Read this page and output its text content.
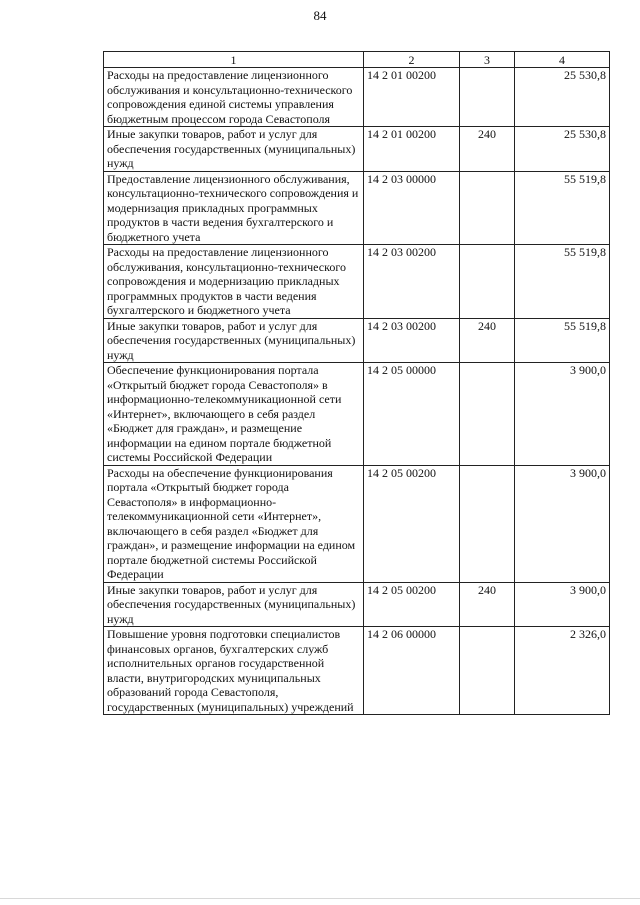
84
1	2	3	4
Расходы на предоставление лицензионного обслуживания и консультационно-технического сопровождения единой системы управления бюджетным процессом города Севастополя	14 2 01 00200		25 530,8
Иные закупки товаров, работ и услуг для обеспечения государственных (муниципальных) нужд	14 2 01 00200	240	25 530,8
Предоставление лицензионного обслуживания, консультационно-технического сопровождения и модернизация прикладных программных продуктов в части ведения бухгалтерского и бюджетного учета	14 2 03 00000		55 519,8
Расходы на предоставление лицензионного обслуживания, консультационно-технического сопровождения и модернизацию прикладных программных продуктов в части ведения бухгалтерского и бюджетного учета	14 2 03 00200		55 519,8
Иные закупки товаров, работ и услуг для обеспечения государственных (муниципальных) нужд	14 2 03 00200	240	55 519,8
Обеспечение функционирования портала «Открытый бюджет города Севастополя» в информационно-телекоммуникационной сети «Интернет», включающего в себя раздел «Бюджет для граждан», и размещение информации на едином портале бюджетной системы Российской Федерации	14 2 05 00000		3 900,0
Расходы на обеспечение функционирования портала «Открытый бюджет города Севастополя» в информационно-телекоммуникационной сети «Интернет», включающего в себя раздел «Бюджет для граждан», и размещение информации на едином портале бюджетной системы Российской Федерации	14 2 05 00200		3 900,0
Иные закупки товаров, работ и услуг для обеспечения государственных (муниципальных) нужд	14 2 05 00200	240	3 900,0
Повышение уровня подготовки специалистов финансовых органов, бухгалтерских служб исполнительных органов государственной власти, внутригородских муниципальных образований города Севастополя, государственных (муниципальных) учреждений	14 2 06 00000		2 326,0
